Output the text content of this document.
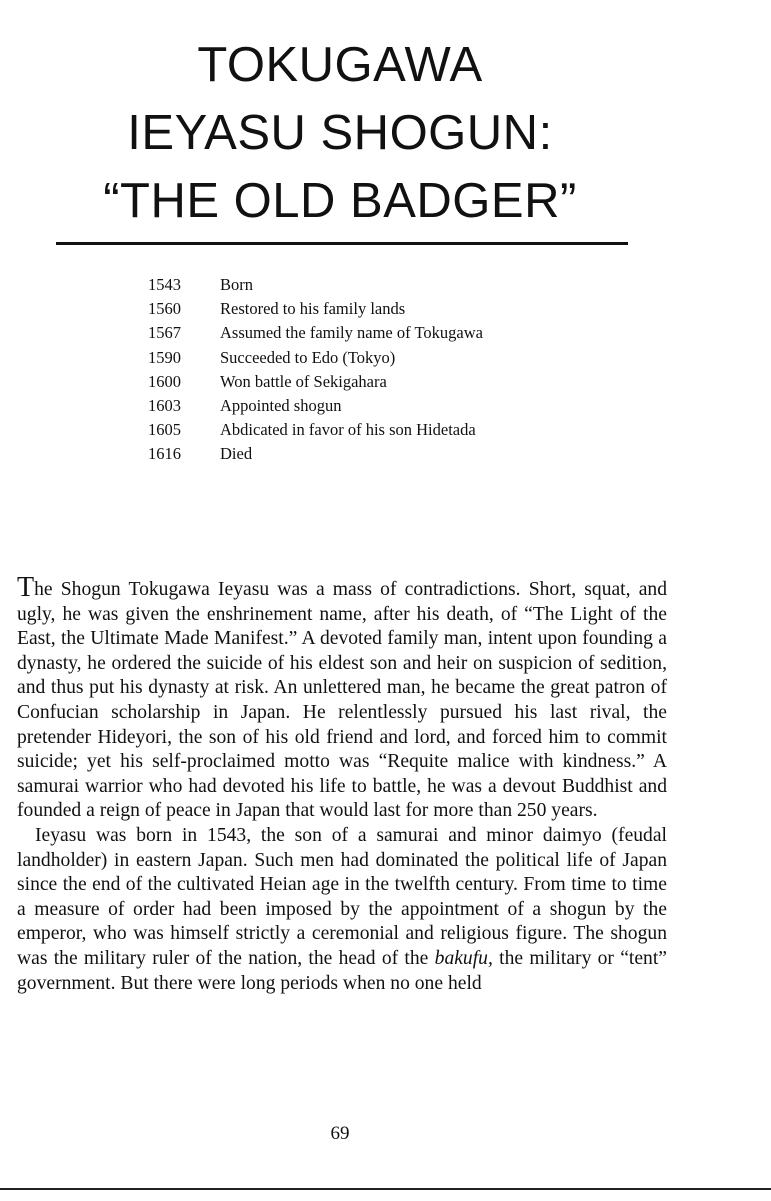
TOKUGAWA
IEYASU SHOGUN:
“THE OLD BADGER”
1543	Born
1560	Restored to his family lands
1567	Assumed the family name of Tokugawa
1590	Succeeded to Edo (Tokyo)
1600	Won battle of Sekigahara
1603	Appointed shogun
1605	Abdicated in favor of his son Hidetada
1616	Died

The Shogun Tokugawa Ieyasu was a mass of contradictions. Short, squat, and ugly, he was given the enshrinement name, after his death, of “The Light of the East, the Ultimate Made Manifest.” A devoted family man, intent upon founding a dynasty, he ordered the suicide of his eldest son and heir on suspicion of sedition, and thus put his dynasty at risk. An unlettered man, he became the great patron of Confucian scholarship in Japan. He relentlessly pursued his last rival, the pretender Hideyori, the son of his old friend and lord, and forced him to commit suicide; yet his self-proclaimed motto was “Requite malice with kindness.” A samurai warrior who had devoted his life to battle, he was a devout Buddhist and founded a reign of peace in Japan that would last for more than 250 years.

Ieyasu was born in 1543, the son of a samurai and minor daimyo (feudal landholder) in eastern Japan. Such men had dominated the political life of Japan since the end of the cultivated Heian age in the twelfth century. From time to time a measure of order had been imposed by the appointment of a shogun by the emperor, who was himself strictly a ceremonial and religious figure. The shogun was the military ruler of the nation, the head of the bakufu, the military or “tent” government. But there were long periods when no one held

69
